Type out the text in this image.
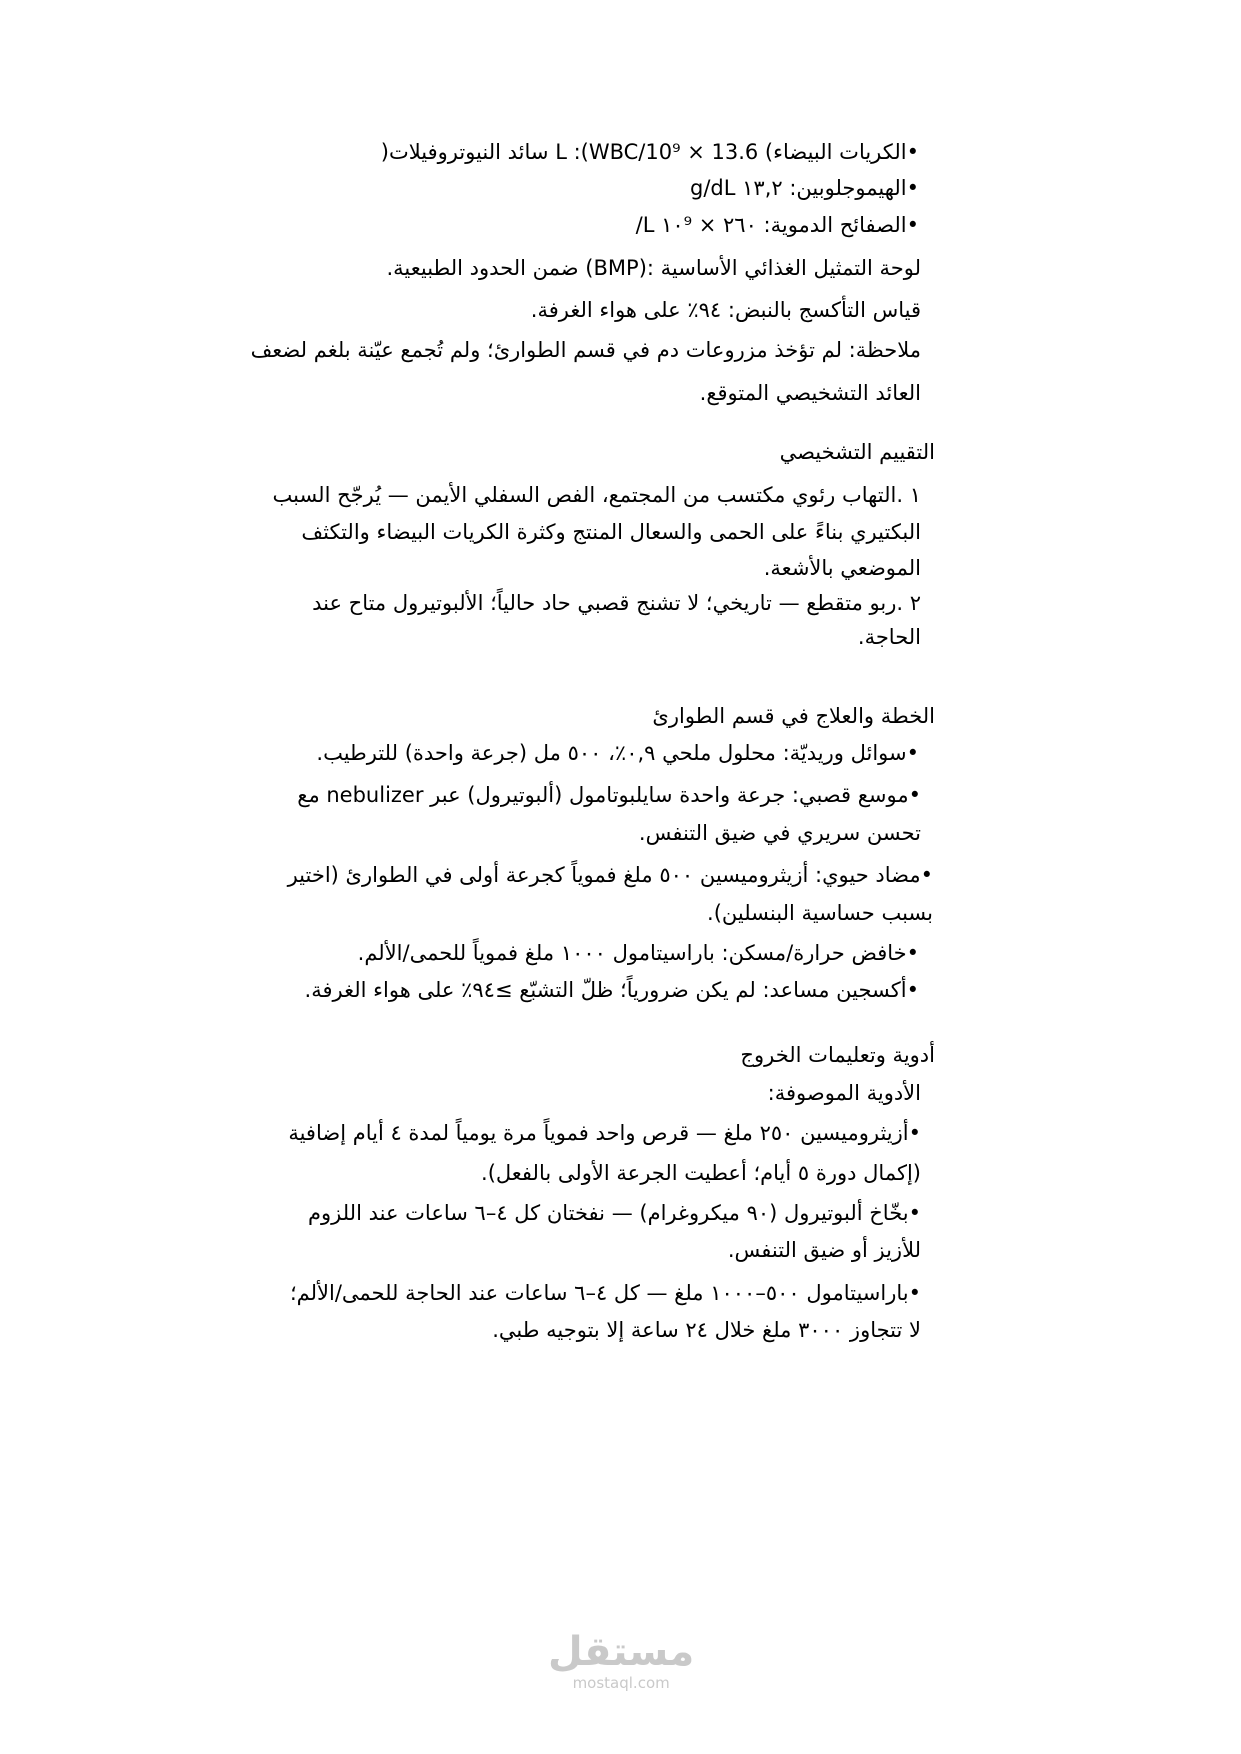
•الكريات البيضاء) 13.6 × 10⁹/L :(WBC سائد النيوتروفيلات(
•الهيموجلوبين: ١٣,٢ g/dL
•الصفائح الدموية: ٢٦٠ × ١٠⁹ L/
لوحة التمثيل الغذائي الأساسية :(BMP) ضمن الحدود الطبيعية.
قياس التأكسج بالنبض: ٩٤٪ على هواء الغرفة.
ملاحظة: لم تؤخذ مزروعات دم في قسم الطوارئ؛ ولم تُجمع عيّنة بلغم لضعف
العائد التشخيصي المتوقع.
التقييم التشخيصي
١ .التهاب رئوي مكتسب من المجتمع، الفص السفلي الأيمن — يُرجّح السبب
البكتيري بناءً على الحمى والسعال المنتج وكثرة الكريات البيضاء والتكثف
الموضعي بالأشعة.
٢ .ربو متقطع — تاريخي؛ لا تشنج قصبي حاد حالياً؛ الألبوتيرول متاح عند
الحاجة.
الخطة والعلاج في قسم الطوارئ
•سوائل وريديّة: محلول ملحي ٠,٩٪، ٥٠٠ مل (جرعة واحدة) للترطيب.
•موسع قصبي: جرعة واحدة سايلبوتامول (ألبوتيرول) عبر nebulizer مع
تحسن سريري في ضيق التنفس.
•مضاد حيوي: أزيثروميسين ٥٠٠ ملغ فموياً كجرعة أولى في الطوارئ (اختير
بسبب حساسية البنسلين).
•خافض حرارة/مسكن: باراسيتامول ١٠٠٠ ملغ فموياً للحمى/الألم.
•أكسجين مساعد: لم يكن ضرورياً؛ ظلّ التشبّع ≥٩٤٪ على هواء الغرفة.
أدوية وتعليمات الخروج
الأدوية الموصوفة:
•أزيثروميسين ٢٥٠ ملغ — قرص واحد فموياً مرة يومياً لمدة ٤ أيام إضافية
(إكمال دورة ٥ أيام؛ أعطيت الجرعة الأولى بالفعل).
•بخّاخ ألبوتيرول (٩٠ ميكروغرام) — نفختان كل ٤–٦ ساعات عند اللزوم
للأزيز أو ضيق التنفس.
•باراسيتامول ٥٠٠–١٠٠٠ ملغ — كل ٤–٦ ساعات عند الحاجة للحمى/الألم؛
لا تتجاوز ٣٠٠٠ ملغ خلال ٢٤ ساعة إلا بتوجيه طبي.
مستقل
mostaql.com
